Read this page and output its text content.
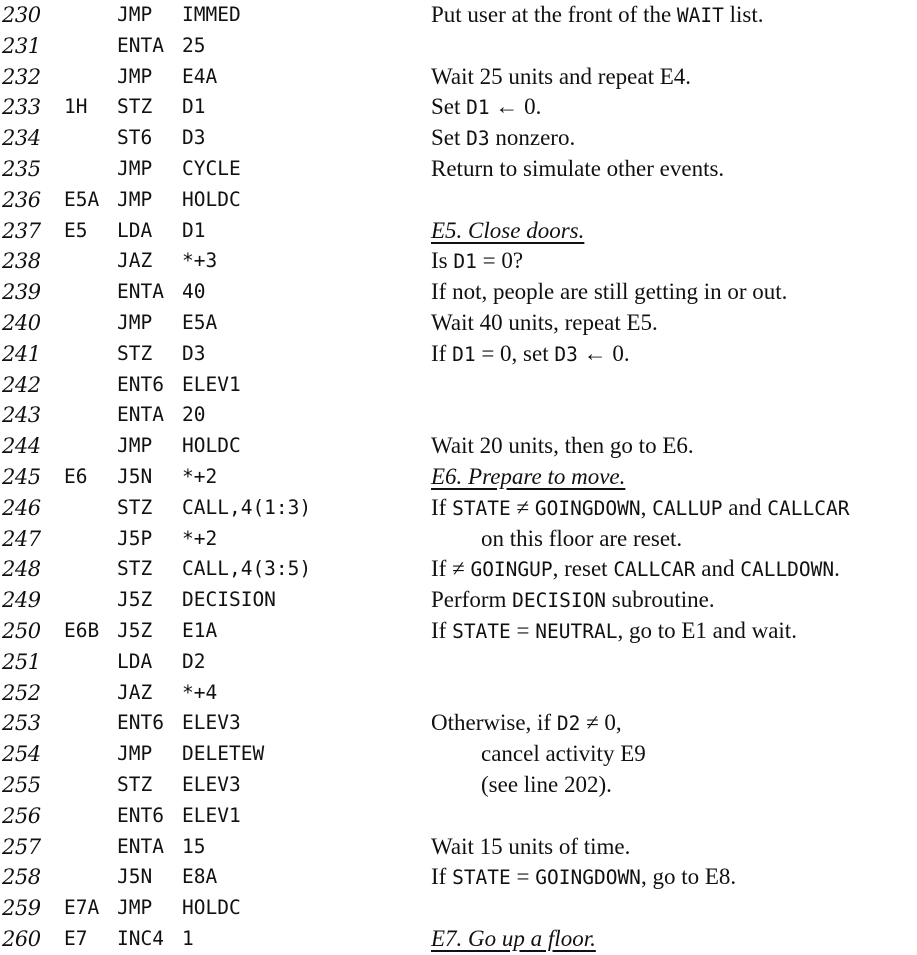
230	JMP IMMED	Put user at the front of the WAIT list.
231	ENTA 25
232	JMP E4A	Wait 25 units and repeat E4.
233 1H STZ D1	Set D1 ← 0.
234	ST6 D3	Set D3 nonzero.
235	JMP CYCLE	Return to simulate other events.
236 E5A JMP HOLDC
237 E5 LDA D1	E5. Close doors.
238	JAZ *+3	Is D1 = 0?
239	ENTA 40	If not, people are still getting in or out.
240	JMP E5A	Wait 40 units, repeat E5.
241	STZ D3	If D1 = 0, set D3 ← 0.
242	ENT6 ELEV1
243	ENTA 20
244	JMP HOLDC	Wait 20 units, then go to E6.
245 E6 J5N *+2	E6. Prepare to move.
246	STZ CALL,4(1:3)	If STATE ≠ GOINGDOWN, CALLUP and CALLCAR
247	J5P *+2	on this floor are reset.
248	STZ CALL,4(3:5)	If ≠ GOINGUP, reset CALLCAR and CALLDOWN.
249	J5Z DECISION	Perform DECISION subroutine.
250 E6B J5Z E1A	If STATE = NEUTRAL, go to E1 and wait.
251	LDA D2
252	JAZ *+4
253	ENT6 ELEV3	Otherwise, if D2 ≠ 0,
254	JMP DELETEW	cancel activity E9
255	STZ ELEV3	(see line 202).
256	ENT6 ELEV1
257	ENTA 15	Wait 15 units of time.
258	J5N E8A	If STATE = GOINGDOWN, go to E8.
259 E7A JMP HOLDC
260 E7 INC4 1	E7. Go up a floor.
